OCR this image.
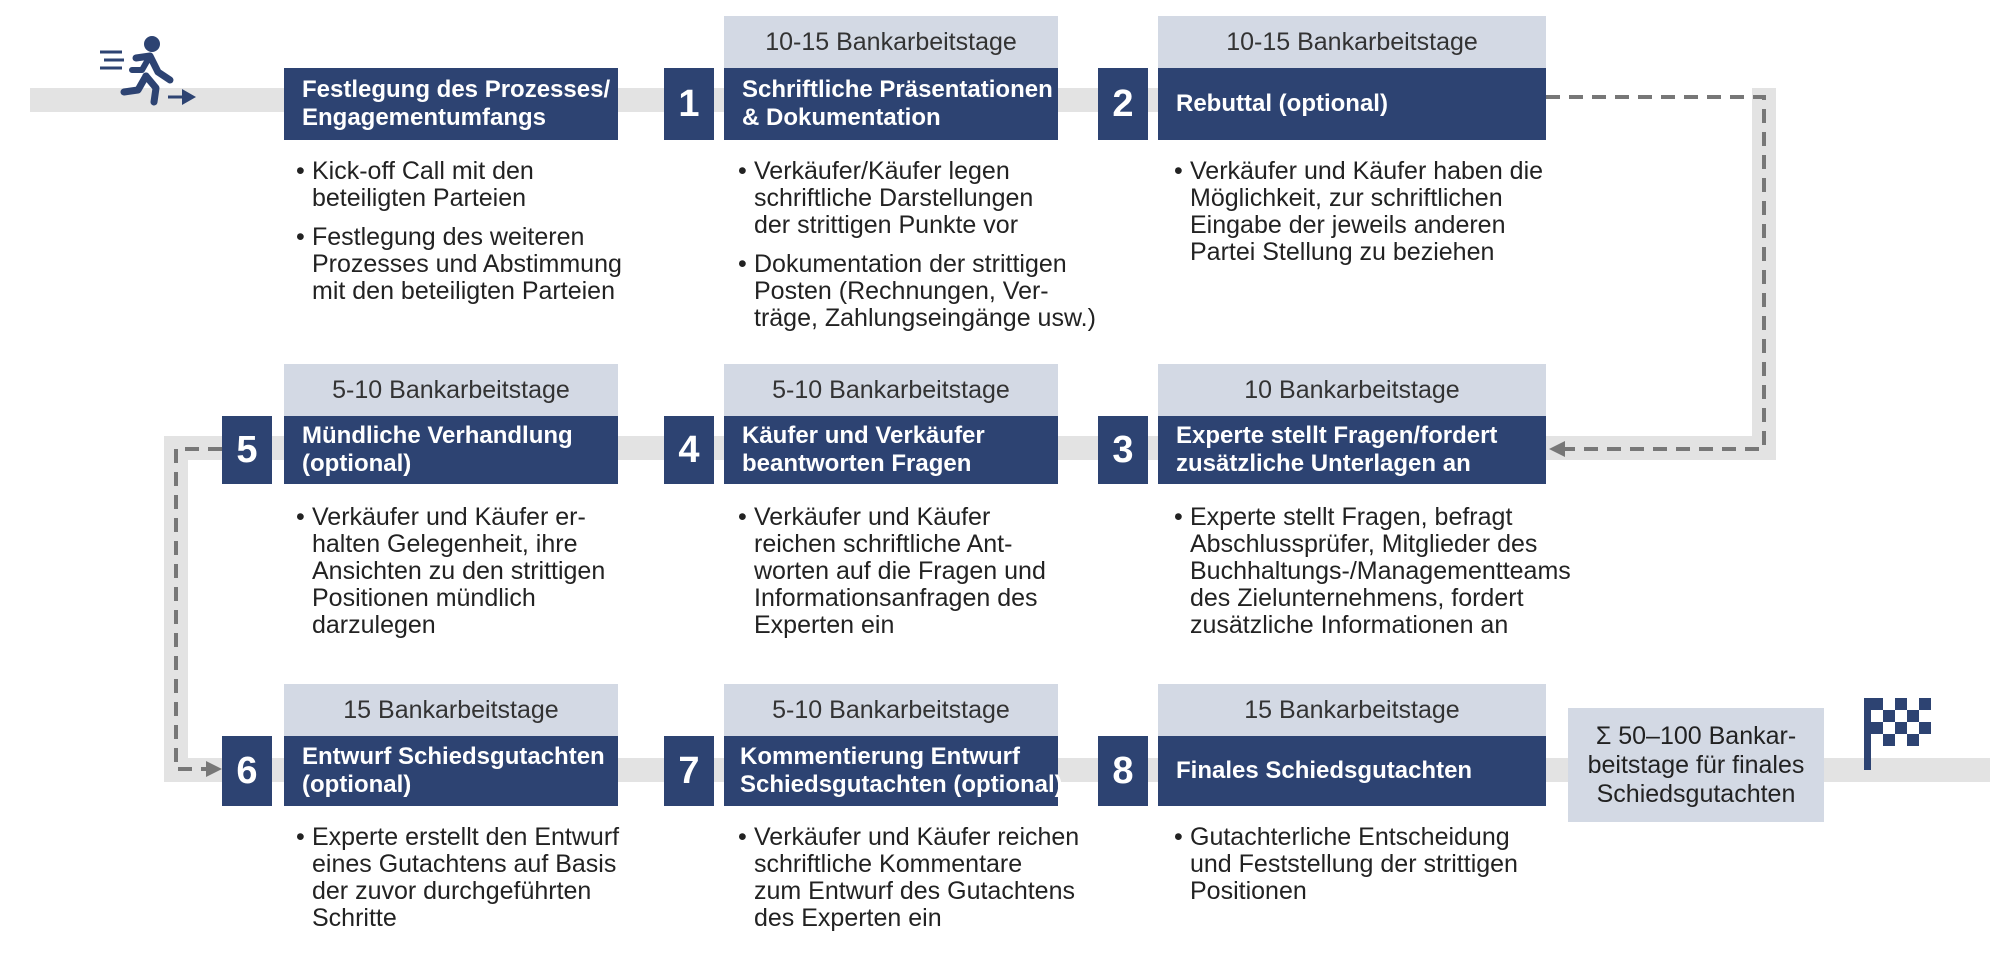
Festlegung des Prozesses/
Engagementumfangs
• Kick-off Call mit den
beteiligten Parteien
• Festlegung des weiteren
Prozesses und Abstimmung
mit den beteiligten Parteien
10-15 Bankarbeitstage
1	Schriftliche Präsentationen
& Dokumentation
• Verkäufer/Käufer legen
schriftliche Darstellungen
der strittigen Punkte vor
• Dokumentation der strittigen
Posten (Rechnungen, Ver-
träge, Zahlungseingänge usw.)
10-15 Bankarbeitstage
2	Rebuttal (optional)
• Verkäufer und Käufer haben die
Möglichkeit, zur schriftlichen
Eingabe der jeweils anderen
Partei Stellung zu beziehen
5-10 Bankarbeitstage
5	Mündliche Verhandlung
(optional)
• Verkäufer und Käufer er-
halten Gelegenheit, ihre
Ansichten zu den strittigen
Positionen mündlich
darzulegen
5-10 Bankarbeitstage
4	Käufer und Verkäufer
beantworten Fragen
• Verkäufer und Käufer
reichen schriftliche Ant-
worten auf die Fragen und
Informationsanfragen des
Experten ein
10 Bankarbeitstage
3	Experte stellt Fragen/fordert
zusätzliche Unterlagen an
• Experte stellt Fragen, befragt
Abschlussprüfer, Mitglieder des
Buchhaltungs-/Managementteams
des Zielunternehmens, fordert
zusätzliche Informationen an
15 Bankarbeitstage
6	Entwurf Schiedsgutachten
(optional)
• Experte erstellt den Entwurf
eines Gutachtens auf Basis
der zuvor durchgeführten
Schritte
5-10 Bankarbeitstage
7	Kommentierung Entwurf
Schiedsgutachten (optional)
• Verkäufer und Käufer reichen
schriftliche Kommentare
zum Entwurf des Gutachtens
des Experten ein
15 Bankarbeitstage
8	Finales Schiedsgutachten
• Gutachterliche Entscheidung
und Feststellung der strittigen
Positionen
Σ 50–100 Bankar-
beitstage für finales
Schiedsgutachten
